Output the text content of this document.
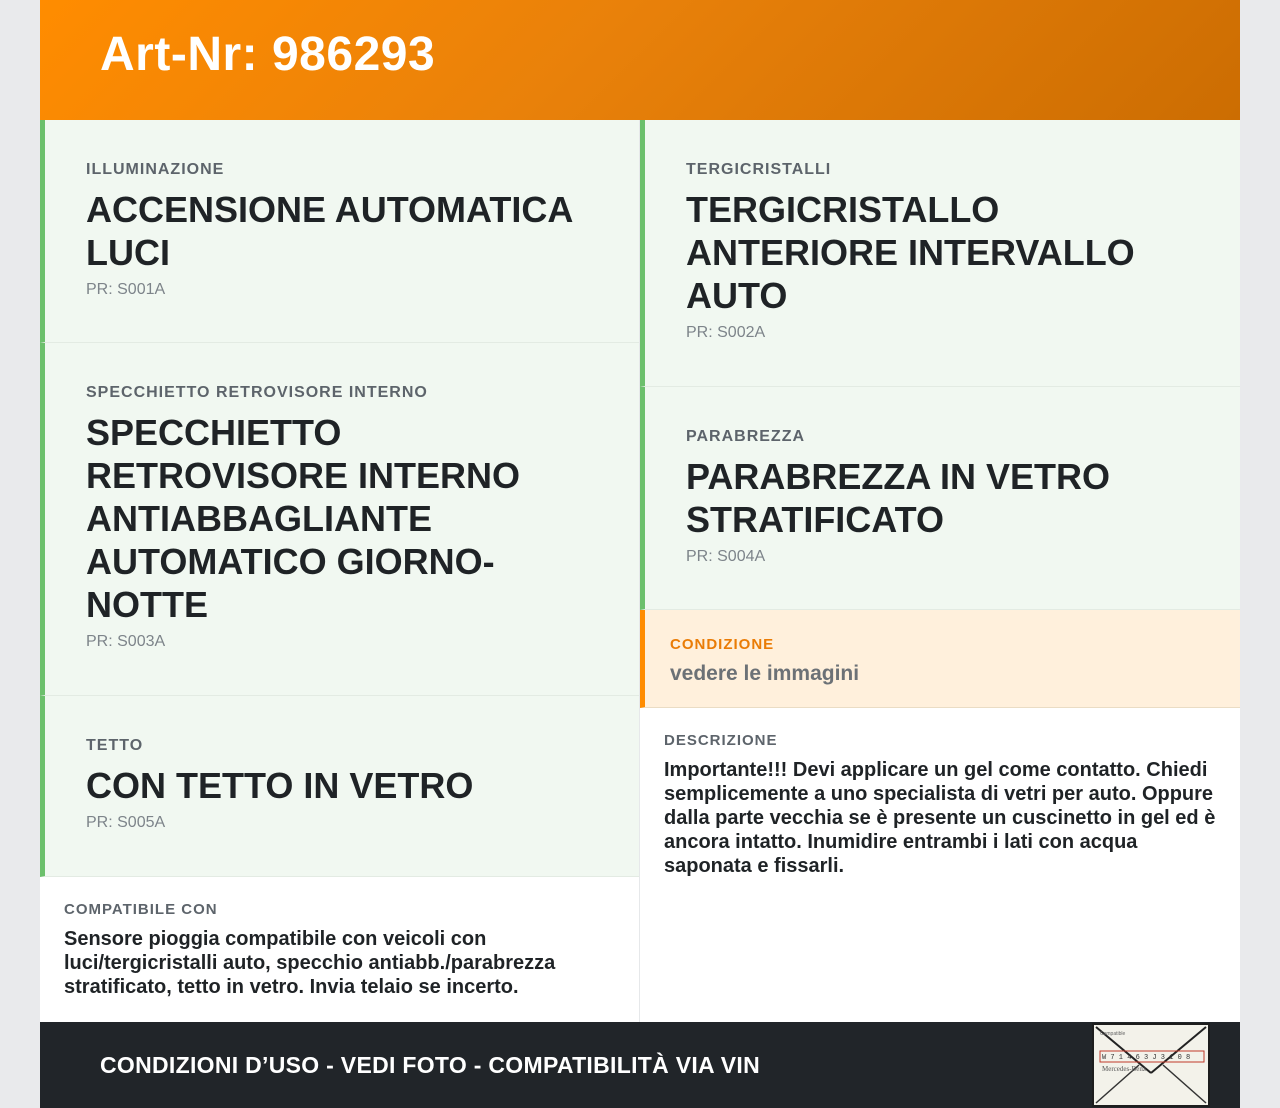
Art-Nr: 986293
ILLUMINAZIONE
ACCENSIONE AUTOMATICA LUCI
PR: S001A
SPECCHIETTO RETROVISORE INTERNO
SPECCHIETTO RETROVISORE INTERNO ANTIABBAGLIANTE AUTOMATICO GIORNO-NOTTE
PR: S003A
TETTO
CON TETTO IN VETRO
PR: S005A
COMPATIBILE CON
Sensore pioggia compatibile con veicoli con luci/tergicristalli auto, specchio antiabb./parabrezza stratificato, tetto in vetro. Invia telaio se incerto.
TERGICRISTALLI
TERGICRISTALLO ANTERIORE INTERVALLO AUTO
PR: S002A
PARABREZZA
PARABREZZA IN VETRO STRATIFICATO
PR: S004A
CONDIZIONE
vedere le immagini
DESCRIZIONE
Importante!!! Devi applicare un gel come contatto. Chiedi semplicemente a uno specialista di vetri per auto. Oppure dalla parte vecchia se è presente un cuscinetto in gel ed è ancora intatto. Inumidire entrambi i lati con acqua saponata e fissarli.
CONDIZIONI D’USO - VEDI FOTO - COMPATIBILITÀ VIA VIN
Compatible
W 7 1 4 6 3 J 3 1 0 8
Mercedes-Benz
